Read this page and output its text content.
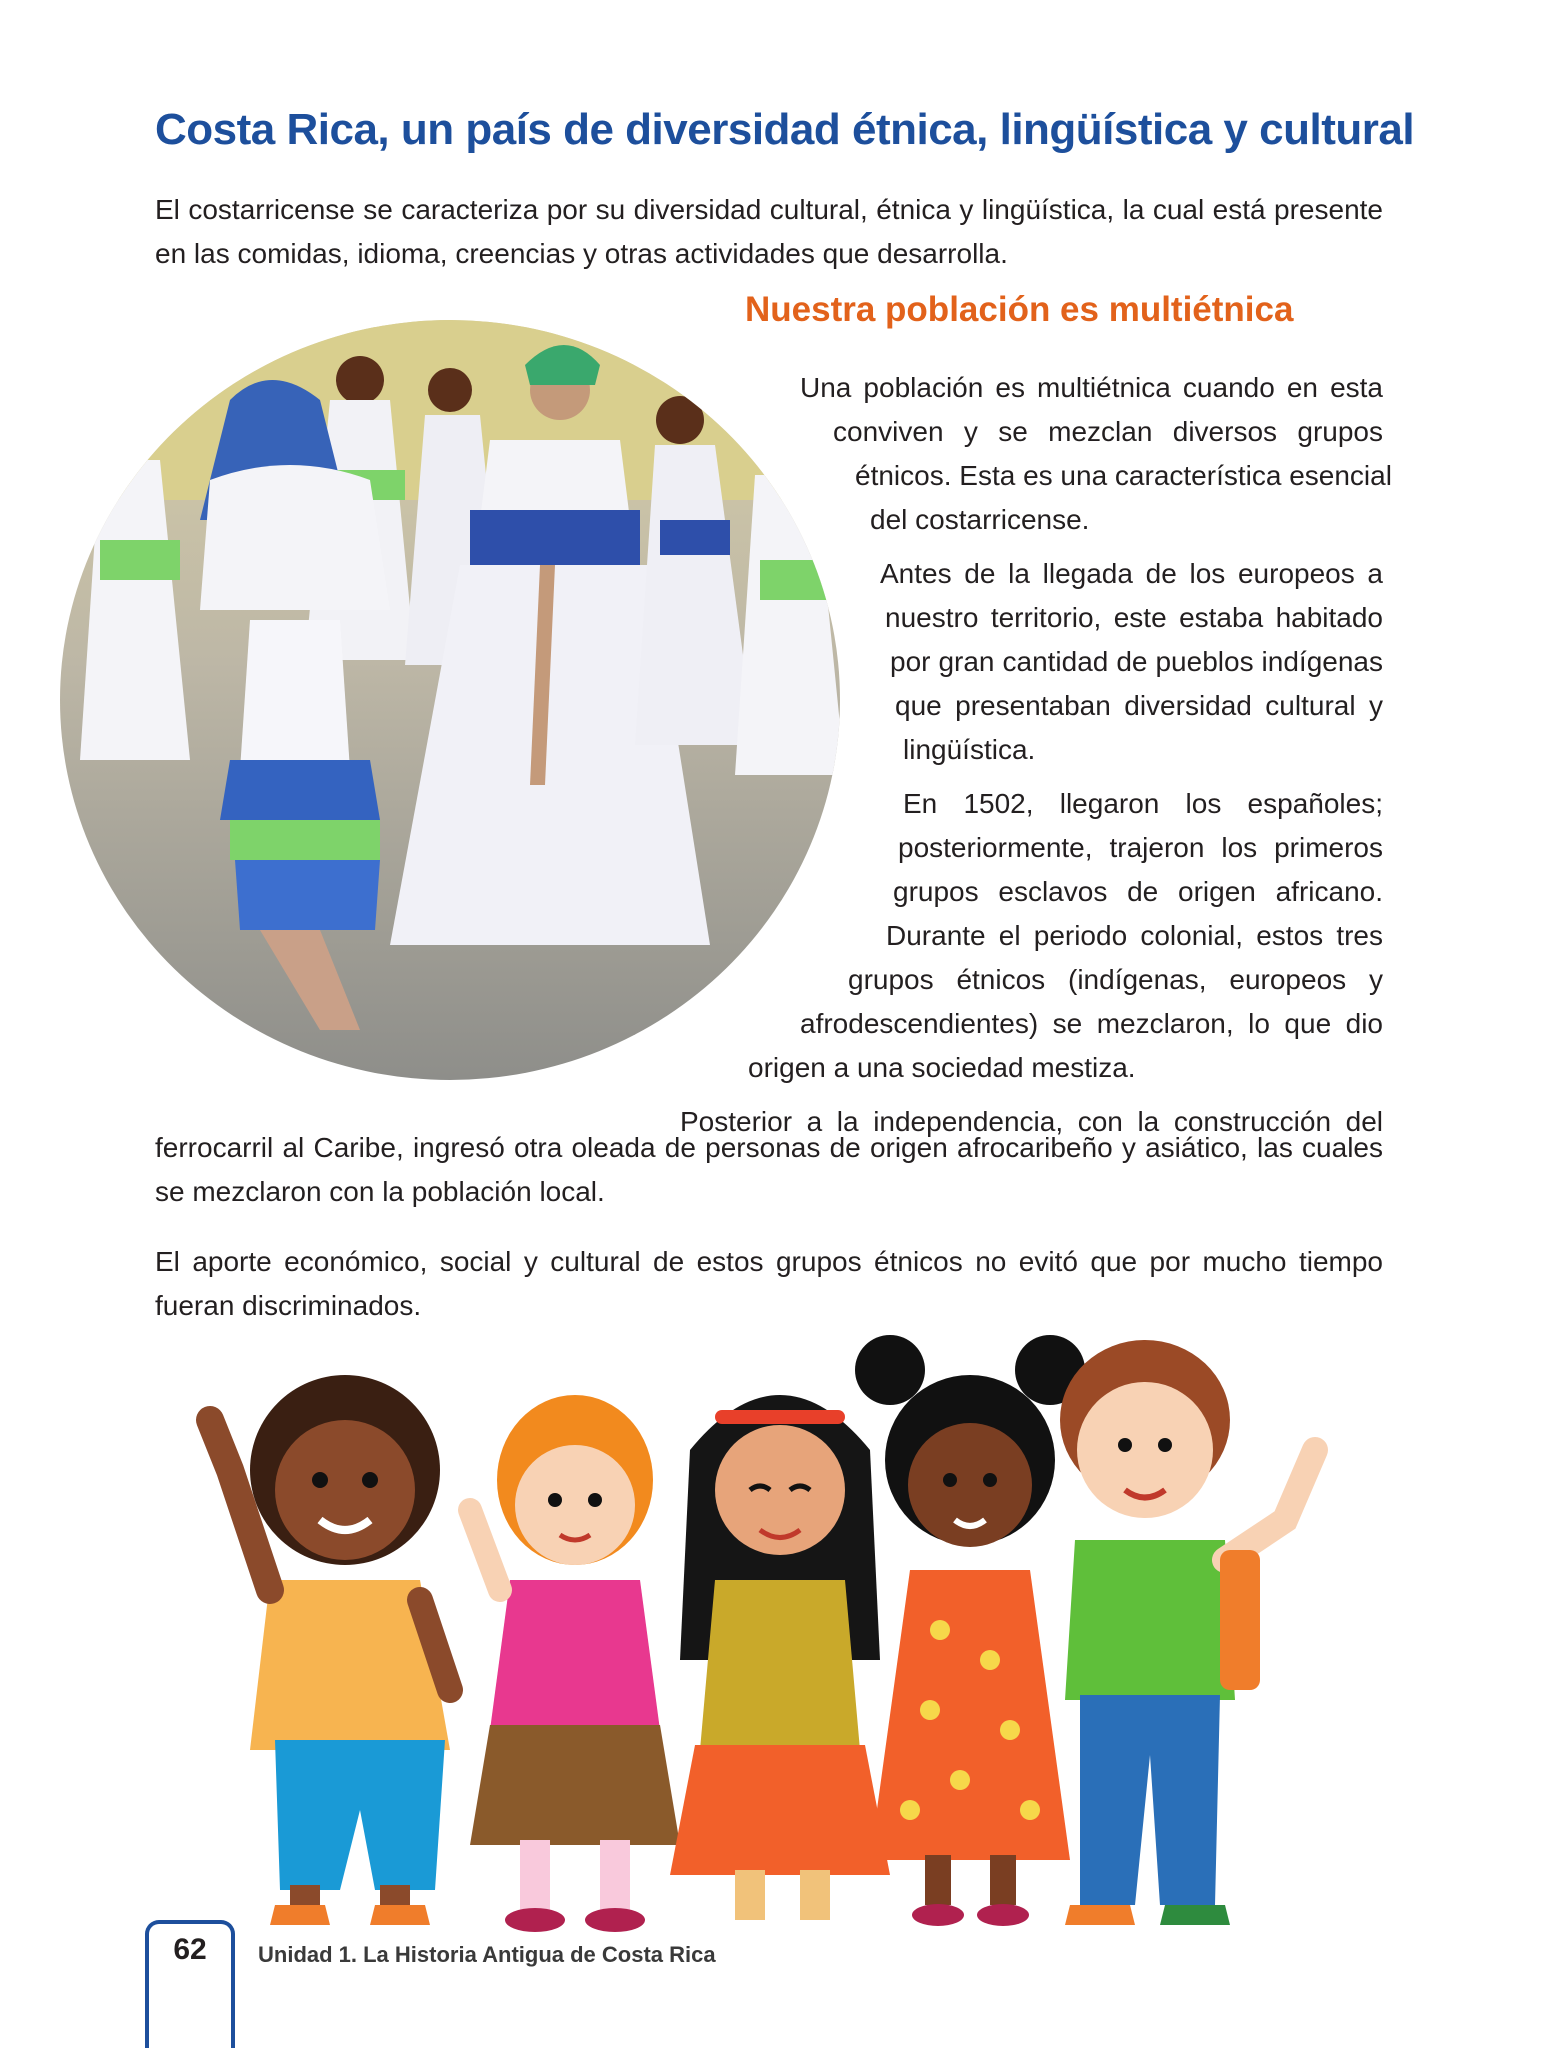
Costa Rica, un país de diversidad étnica, lingüística y cultural

El costarricense se caracteriza por su diversidad cultural, étnica y lingüística, la cual está presente en las comidas, idioma, creencias y otras actividades que desarrolla.

Nuestra población es multiétnica
Una población es multiétnica cuando en esta
conviven y se mezclan diversos grupos
étnicos. Esta es una característica esencial
del costarricense.
Antes de la llegada de los europeos a
nuestro territorio, este estaba habitado
por gran cantidad de pueblos indígenas
que presentaban diversidad cultural y
lingüística.
En 1502, llegaron los españoles;
posteriormente, trajeron los primeros
grupos esclavos de origen africano.
Durante el periodo colonial, estos tres
grupos étnicos (indígenas, europeos y
afrodescendientes) se mezclaron, lo que dio
origen a una sociedad mestiza.
Posterior a la independencia, con la construcción del

ferrocarril al Caribe, ingresó otra oleada de personas de origen afrocaribeño y asiático, las cuales se mezclaron con la población local.

El aporte económico, social y cultural de estos grupos étnicos no evitó que por mucho tiempo fueran discriminados.

62	Unidad 1. La Historia Antigua de Costa Rica
